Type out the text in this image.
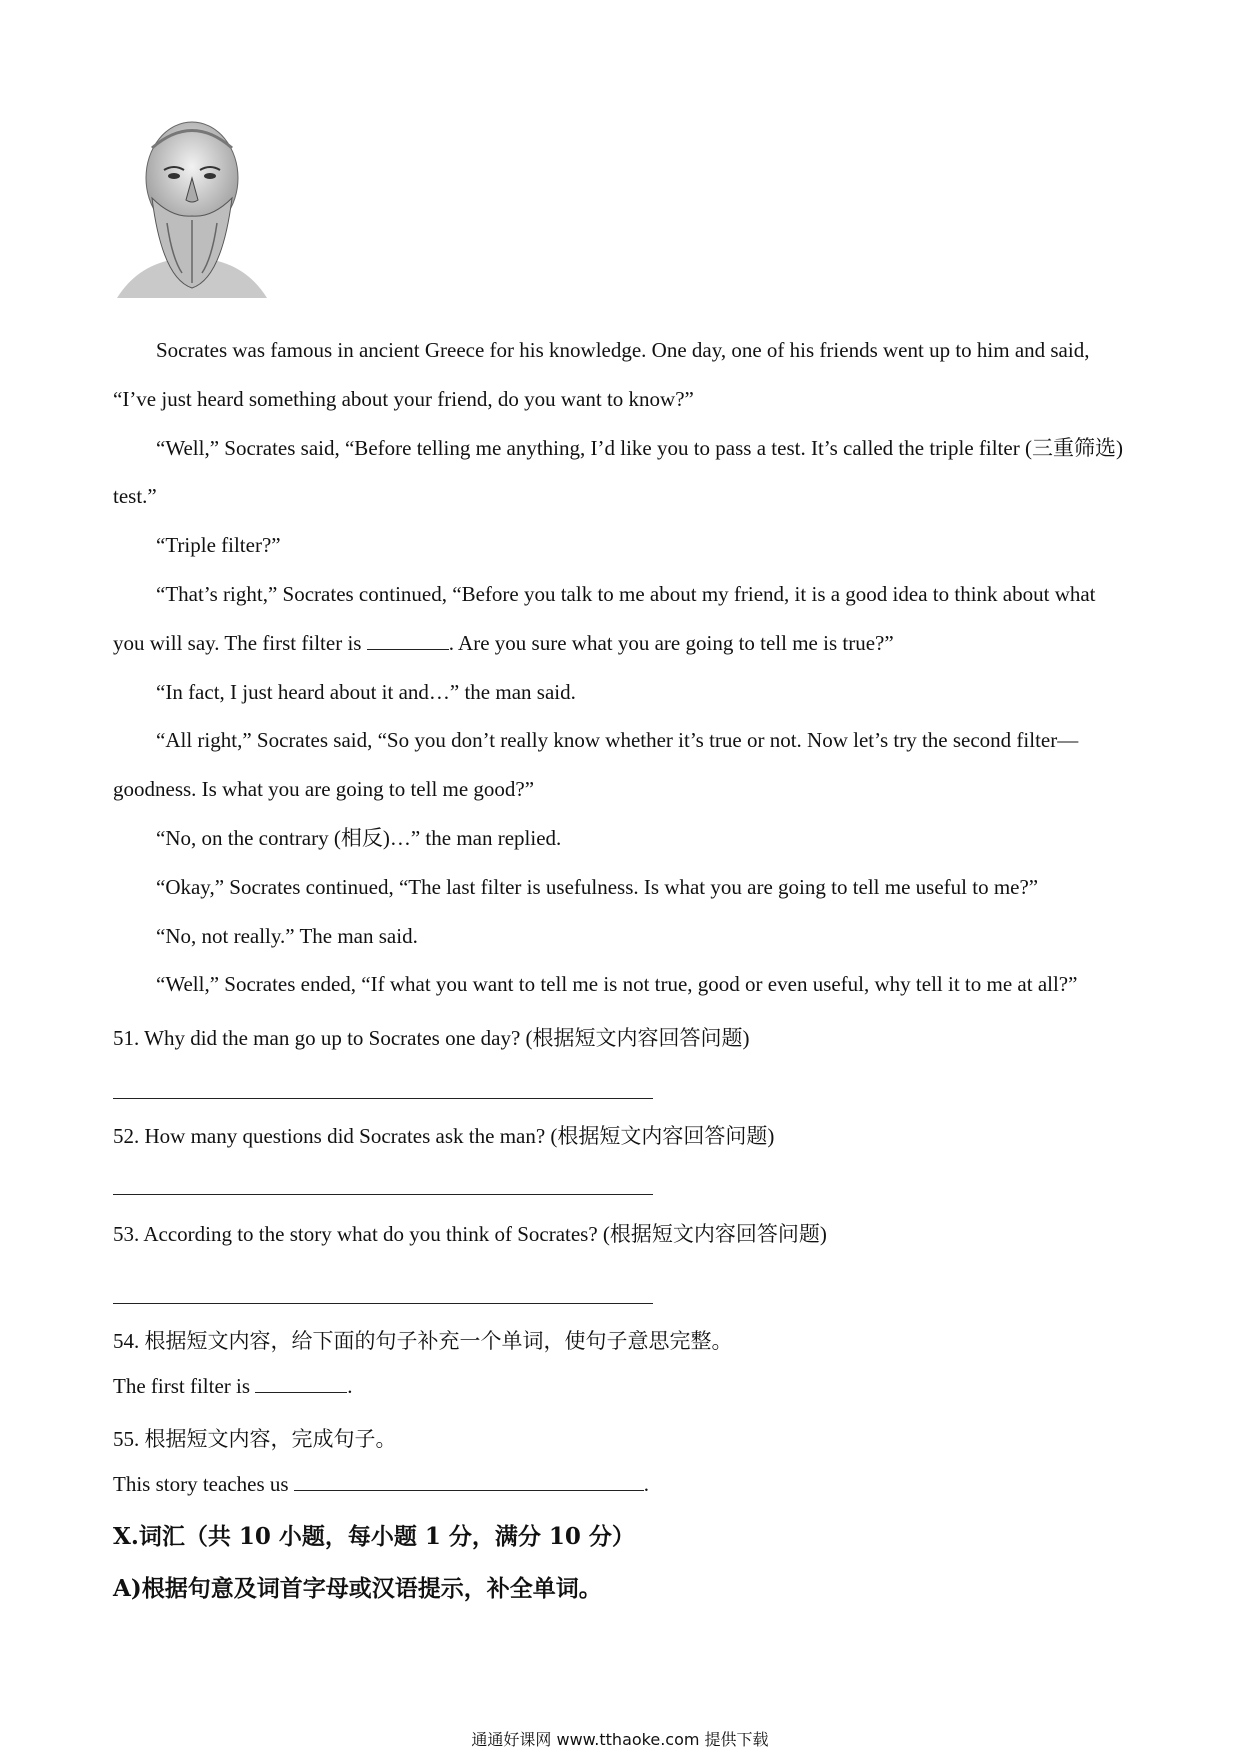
Socrates was famous in ancient Greece for his knowledge. One day, one of his friends went up to him and said, “I’ve just heard something about your friend, do you want to know?”

“Well,” Socrates said, “Before telling me anything, I’d like you to pass a test. It’s called the triple filter (三重筛选) test.”

“Triple filter?”

“That’s right,” Socrates continued, “Before you talk to me about my friend, it is a good idea to think about what you will say. The first filter is	. Are you sure what you are going to tell me is true?”

“In fact, I just heard about it and…” the man said.

“All right,” Socrates said, “So you don’t really know whether it’s true or not. Now let’s try the second filter—goodness. Is what you are going to tell me good?”

“No, on the contrary (相反)…” the man replied.

“Okay,” Socrates continued, “The last filter is usefulness. Is what you are going to tell me useful to me?”

“No, not really.” The man said.

“Well,” Socrates ended, “If what you want to tell me is not true, good or even useful, why tell it to me at all?”

51. Why did the man go up to Socrates one day? (根据短文内容回答问题)
52. How many questions did Socrates ask the man? (根据短文内容回答问题)
53. According to the story what do you think of Socrates? (根据短文内容回答问题)
54. 根据短文内容，给下面的句子补充一个单词，使句子意思完整。
The first filter is	.
55. 根据短文内容，完成句子。
This story teaches us	.
Ⅹ.词汇（共 10 小题，每小题 1 分，满分 10 分）
A)根据句意及词首字母或汉语提示，补全单词。
通通好课网 www.tthaoke.com 提供下载
